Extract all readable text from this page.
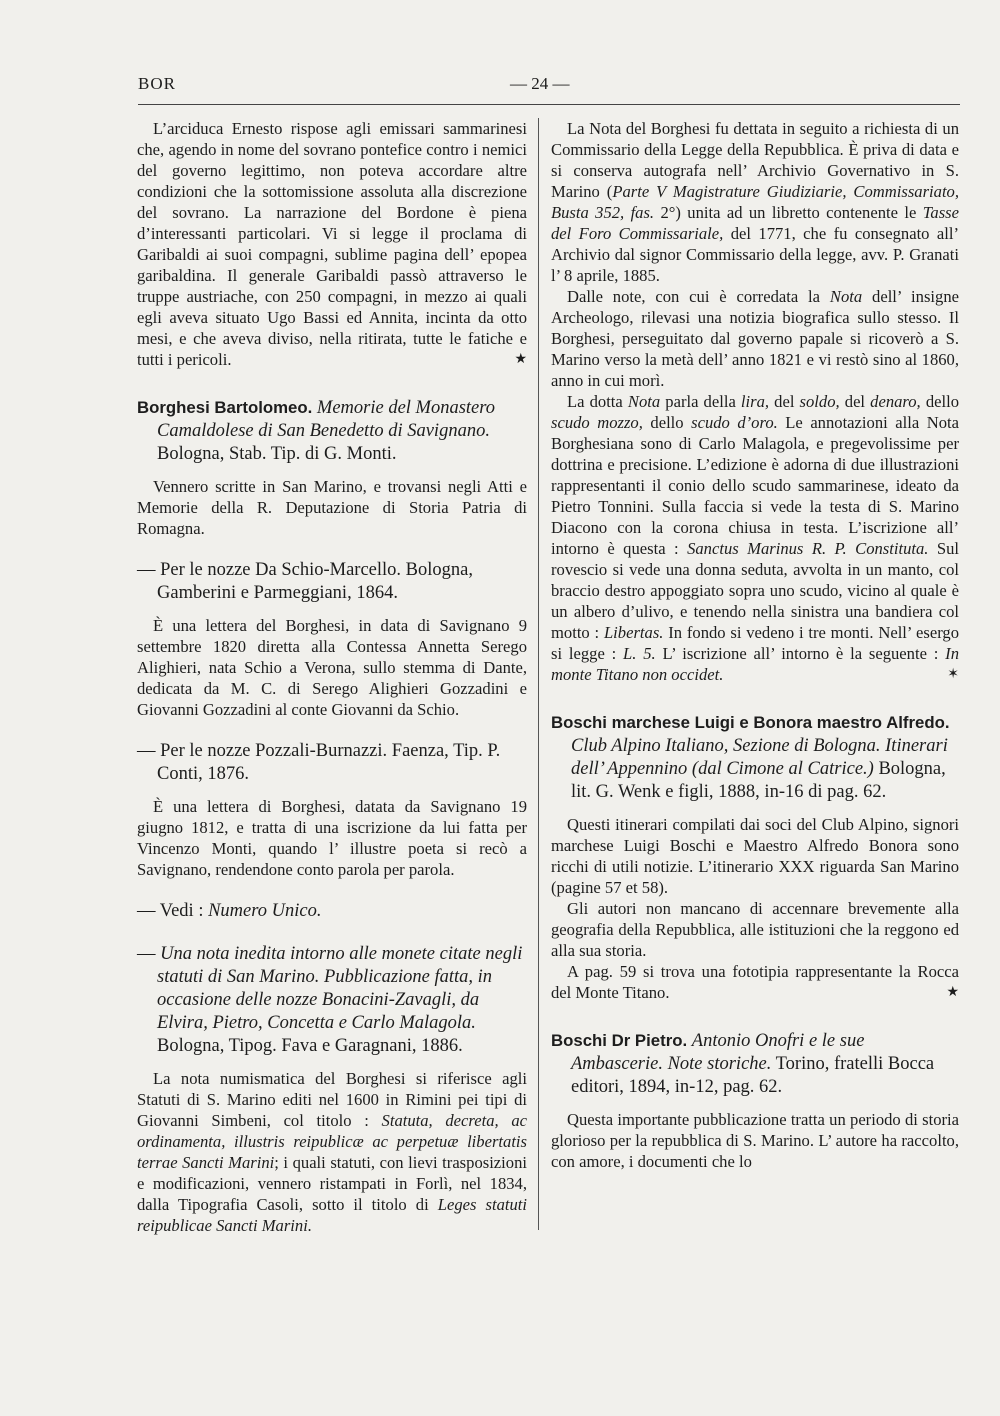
BOR	— 24 —

L’arciduca Ernesto rispose agli emissari sammarinesi che, agendo in nome del sovrano pontefice contro i nemici del governo legittimo, non poteva accordare altre condizioni che la sottomissione assoluta alla discrezione del sovrano. La narrazione del Bordone è piena d’interessanti particolari. Vi si legge il proclama di Garibaldi ai suoi compagni, sublime pagina dell’ epopea garibaldina. Il generale Garibaldi passò attraverso le truppe austriache, con 250 compagni, in mezzo ai quali egli aveva situato Ugo Bassi ed Annita, incinta da otto mesi, e che aveva diviso, nella ritirata, tutte le fatiche e tutti i pericoli.	★

Borghesi Bartolomeo. Memorie del Monastero Camaldolese di San Benedetto di Savignano. Bologna, Stab. Tip. di G. Monti.

Vennero scritte in San Marino, e trovansi negli Atti e Memorie della R. Deputazione di Storia Patria di Romagna.

— Per le nozze Da Schio-Marcello. Bologna, Gamberini e Parmeggiani, 1864.

È una lettera del Borghesi, in data di Savignano 9 settembre 1820 diretta alla Contessa Annetta Serego Alighieri, nata Schio a Verona, sullo stemma di Dante, dedicata da M. C. di Serego Alighieri Gozzadini e Giovanni Gozzadini al conte Giovanni da Schio.

— Per le nozze Pozzali-Burnazzi. Faenza, Tip. P. Conti, 1876.

È una lettera di Borghesi, datata da Savignano 19 giugno 1812, e tratta di una iscrizione da lui fatta per Vincenzo Monti, quando l’ illustre poeta si recò a Savignano, rendendone conto parola per parola.

— Vedi : Numero Unico.

— Una nota inedita intorno alle monete citate negli statuti di San Marino. Pubblicazione fatta, in occasione delle nozze Bonacini-Zavagli, da Elvira, Pietro, Concetta e Carlo Malagola. Bologna, Tipog. Fava e Garagnani, 1886.

La nota numismatica del Borghesi si riferisce agli Statuti di S. Marino editi nel 1600 in Rimini pei tipi di Giovanni Simbeni, col titolo : Statuta, decreta, ac ordinamenta, illustris reipublicæ ac perpetuæ libertatis terrae Sancti Marini; i quali statuti, con lievi trasposizioni e modificazioni, vennero ristampati in Forlì, nel 1834, dalla Tipografia Casoli, sotto il titolo di Leges statuti reipublicae Sancti Marini.

La Nota del Borghesi fu dettata in seguito a richiesta di un Commissario della Legge della Repubblica. È priva di data e si conserva autografa nell’ Archivio Governativo in S. Marino (Parte V Magistrature Giudiziarie, Commissariato, Busta 352, fas. 2°) unita ad un libretto contenente le Tasse del Foro Commissariale, del 1771, che fu consegnato all’ Archivio dal signor Commissario della legge, avv. P. Granati l’ 8 aprile, 1885.

Dalle note, con cui è corredata la Nota dell’ insigne Archeologo, rilevasi una notizia biografica sullo stesso. Il Borghesi, perseguitato dal governo papale si ricoverò a S. Marino verso la metà dell’ anno 1821 e vi restò sino al 1860, anno in cui morì.

La dotta Nota parla della lira, del soldo, del denaro, dello scudo mozzo, dello scudo d’oro. Le annotazioni alla Nota Borghesiana sono di Carlo Malagola, e pregevolissime per dottrina e precisione. L’edizione è adorna di due illustrazioni rappresentanti il conio dello scudo sammarinese, ideato da Pietro Tonnini. Sulla faccia si vede la testa di S. Marino Diacono con la corona chiusa in testa. L’iscrizione all’ intorno è questa : Sanctus Marinus R. P. Constituta. Sul rovescio si vede una donna seduta, avvolta in un manto, col braccio destro appoggiato sopra uno scudo, vicino al quale è un albero d’ulivo, e tenendo nella sinistra una bandiera col motto : Libertas. In fondo si vedeno i tre monti. Nell’ esergo si legge : L. 5. L’ iscrizione all’ intorno è la seguente : In monte Titano non occidet.	✶

Boschi marchese Luigi e Bonora maestro Alfredo. Club Alpino Italiano, Sezione di Bologna. Itinerari dell’ Appennino (dal Cimone al Catrice.) Bologna, lit. G. Wenk e figli, 1888, in-16 di pag. 62.

Questi itinerari compilati dai soci del Club Alpino, signori marchese Luigi Boschi e Maestro Alfredo Bonora sono ricchi di utili notizie. L’itinerario XXX riguarda San Marino (pagine 57 et 58).

Gli autori non mancano di accennare brevemente alla geografia della Repubblica, alle istituzioni che la reggono ed alla sua storia.

A pag. 59 si trova una fototipia rappresentante la Rocca del Monte Titano.	★

Boschi Dr Pietro. Antonio Onofri e le sue Ambascerie. Note storiche. Torino, fratelli Bocca editori, 1894, in-12, pag. 62.

Questa importante pubblicazione tratta un periodo di storia glorioso per la repubblica di S. Marino. L’ autore ha raccolto, con amore, i documenti che lo
